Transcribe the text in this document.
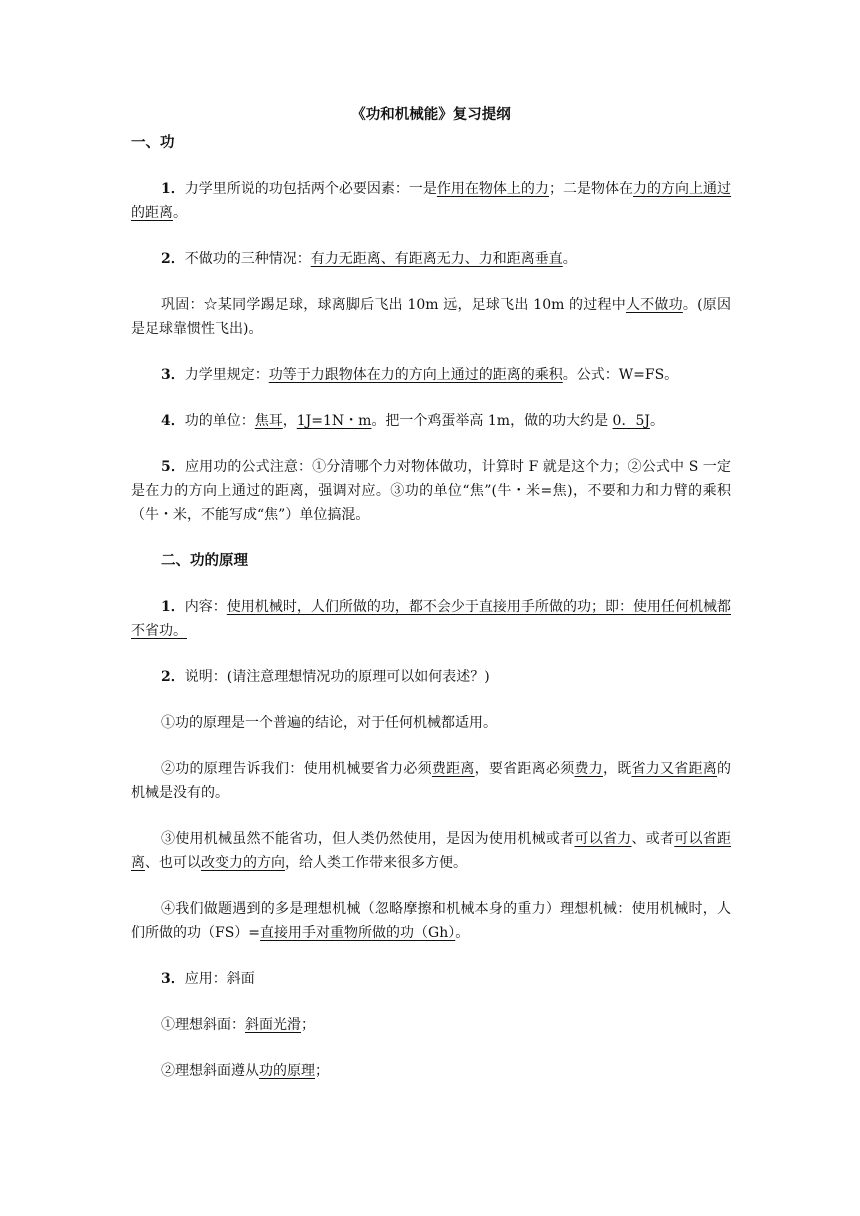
《功和机械能》复习提纲

一、功

1．力学里所说的功包括两个必要因素：一是作用在物体上的力；二是物体在力的方向上通过的距离。

2．不做功的三种情况：有力无距离、有距离无力、力和距离垂直。

巩固：☆某同学踢足球，球离脚后飞出 10m 远，足球飞出 10m 的过程中人不做功。(原因是足球靠惯性飞出)。

3．力学里规定：功等于力跟物体在力的方向上通过的距离的乘积。公式：W=FS。

4．功的单位：焦耳，1J=1N・m。把一个鸡蛋举高 1m，做的功大约是 0．5J。

5．应用功的公式注意：①分清哪个力对物体做功，计算时 F 就是这个力；②公式中 S 一定是在力的方向上通过的距离，强调对应。③功的单位“焦”(牛・米=焦)，不要和力和力臂的乘积（牛・米，不能写成“焦”）单位搞混。

二、功的原理

1．内容：使用机械时，人们所做的功，都不会少于直接用手所做的功；即：使用任何机械都不省功。

2．说明：(请注意理想情况功的原理可以如何表述？)

①功的原理是一个普遍的结论，对于任何机械都适用。

②功的原理告诉我们：使用机械要省力必须费距离，要省距离必须费力，既省力又省距离的机械是没有的。

③使用机械虽然不能省功，但人类仍然使用，是因为使用机械或者可以省力、或者可以省距离、也可以改变力的方向，给人类工作带来很多方便。

④我们做题遇到的多是理想机械（忽略摩擦和机械本身的重力）理想机械：使用机械时，人们所做的功（FS）=直接用手对重物所做的功（Gh）。

3．应用：斜面

①理想斜面：斜面光滑；

②理想斜面遵从功的原理；
